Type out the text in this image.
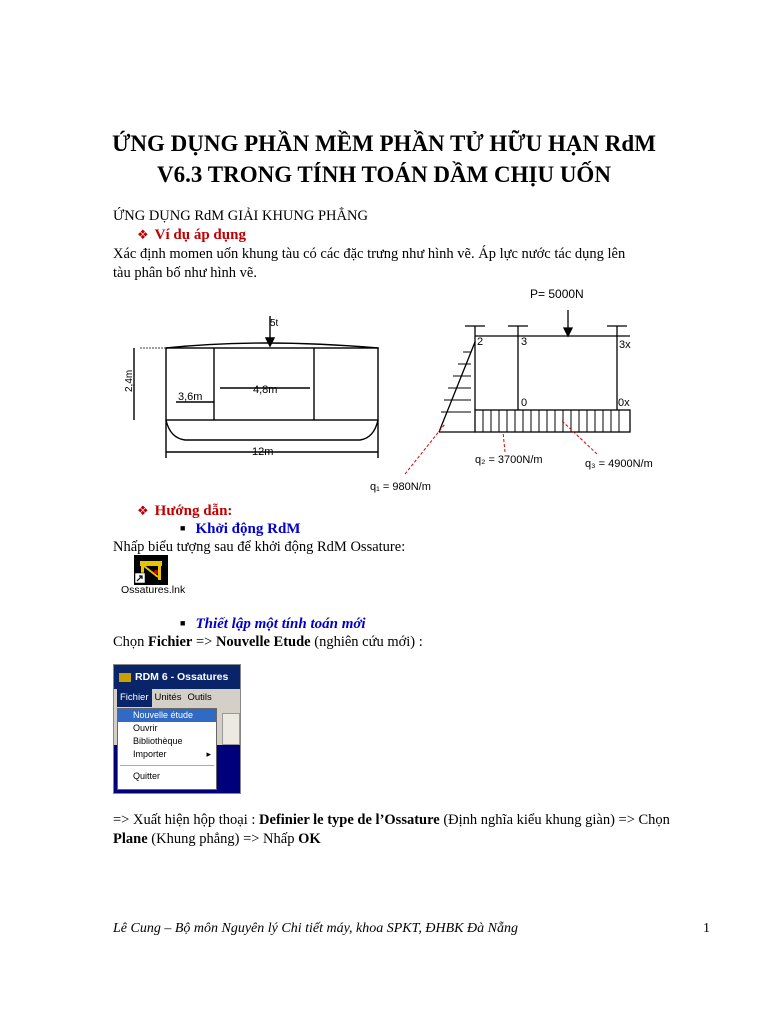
ỨNG DỤNG PHẦN MỀM PHẦN TỬ HỮU HẠN RdM
V6.3 TRONG TÍNH TOÁN DẦM CHỊU UỐN
ỨNG DỤNG RdM GIẢI KHUNG PHẲNG
❖ Ví dụ áp dụng
Xác định momen uốn khung tàu có các đặc trưng như hình vẽ. Áp lực nước tác dụng lên
tàu phân bố như hình vẽ.
5t
2,4m
3,6m
4,8m
12m
P= 5000N
2	3	3x
0	0x
q₁ = 980N/m
q₂ = 3700N/m	q₃ = 4900N/m
❖ Hướng dẫn:
■ Khởi động RdM
Nhấp biểu tượng sau để khởi động RdM Ossature:
Ossatures.lnk
■ Thiết lập một tính toán mới
Chọn Fichier => Nouvelle Etude (nghiên cứu mới) :
RDM 6 - Ossatures
Fichier Unités Outils
Nouvelle étude
Ouvrir
Bibliothèque
Importer	▸
Quitter
=> Xuất hiện hộp thoại : Definier le type de l’Ossature (Định nghĩa kiểu khung giàn) => Chọn
Plane (Khung phẳng) => Nhấp OK
Lê Cung – Bộ môn Nguyên lý Chi tiết máy, khoa SPKT, ĐHBK Đà Nẵng	1
